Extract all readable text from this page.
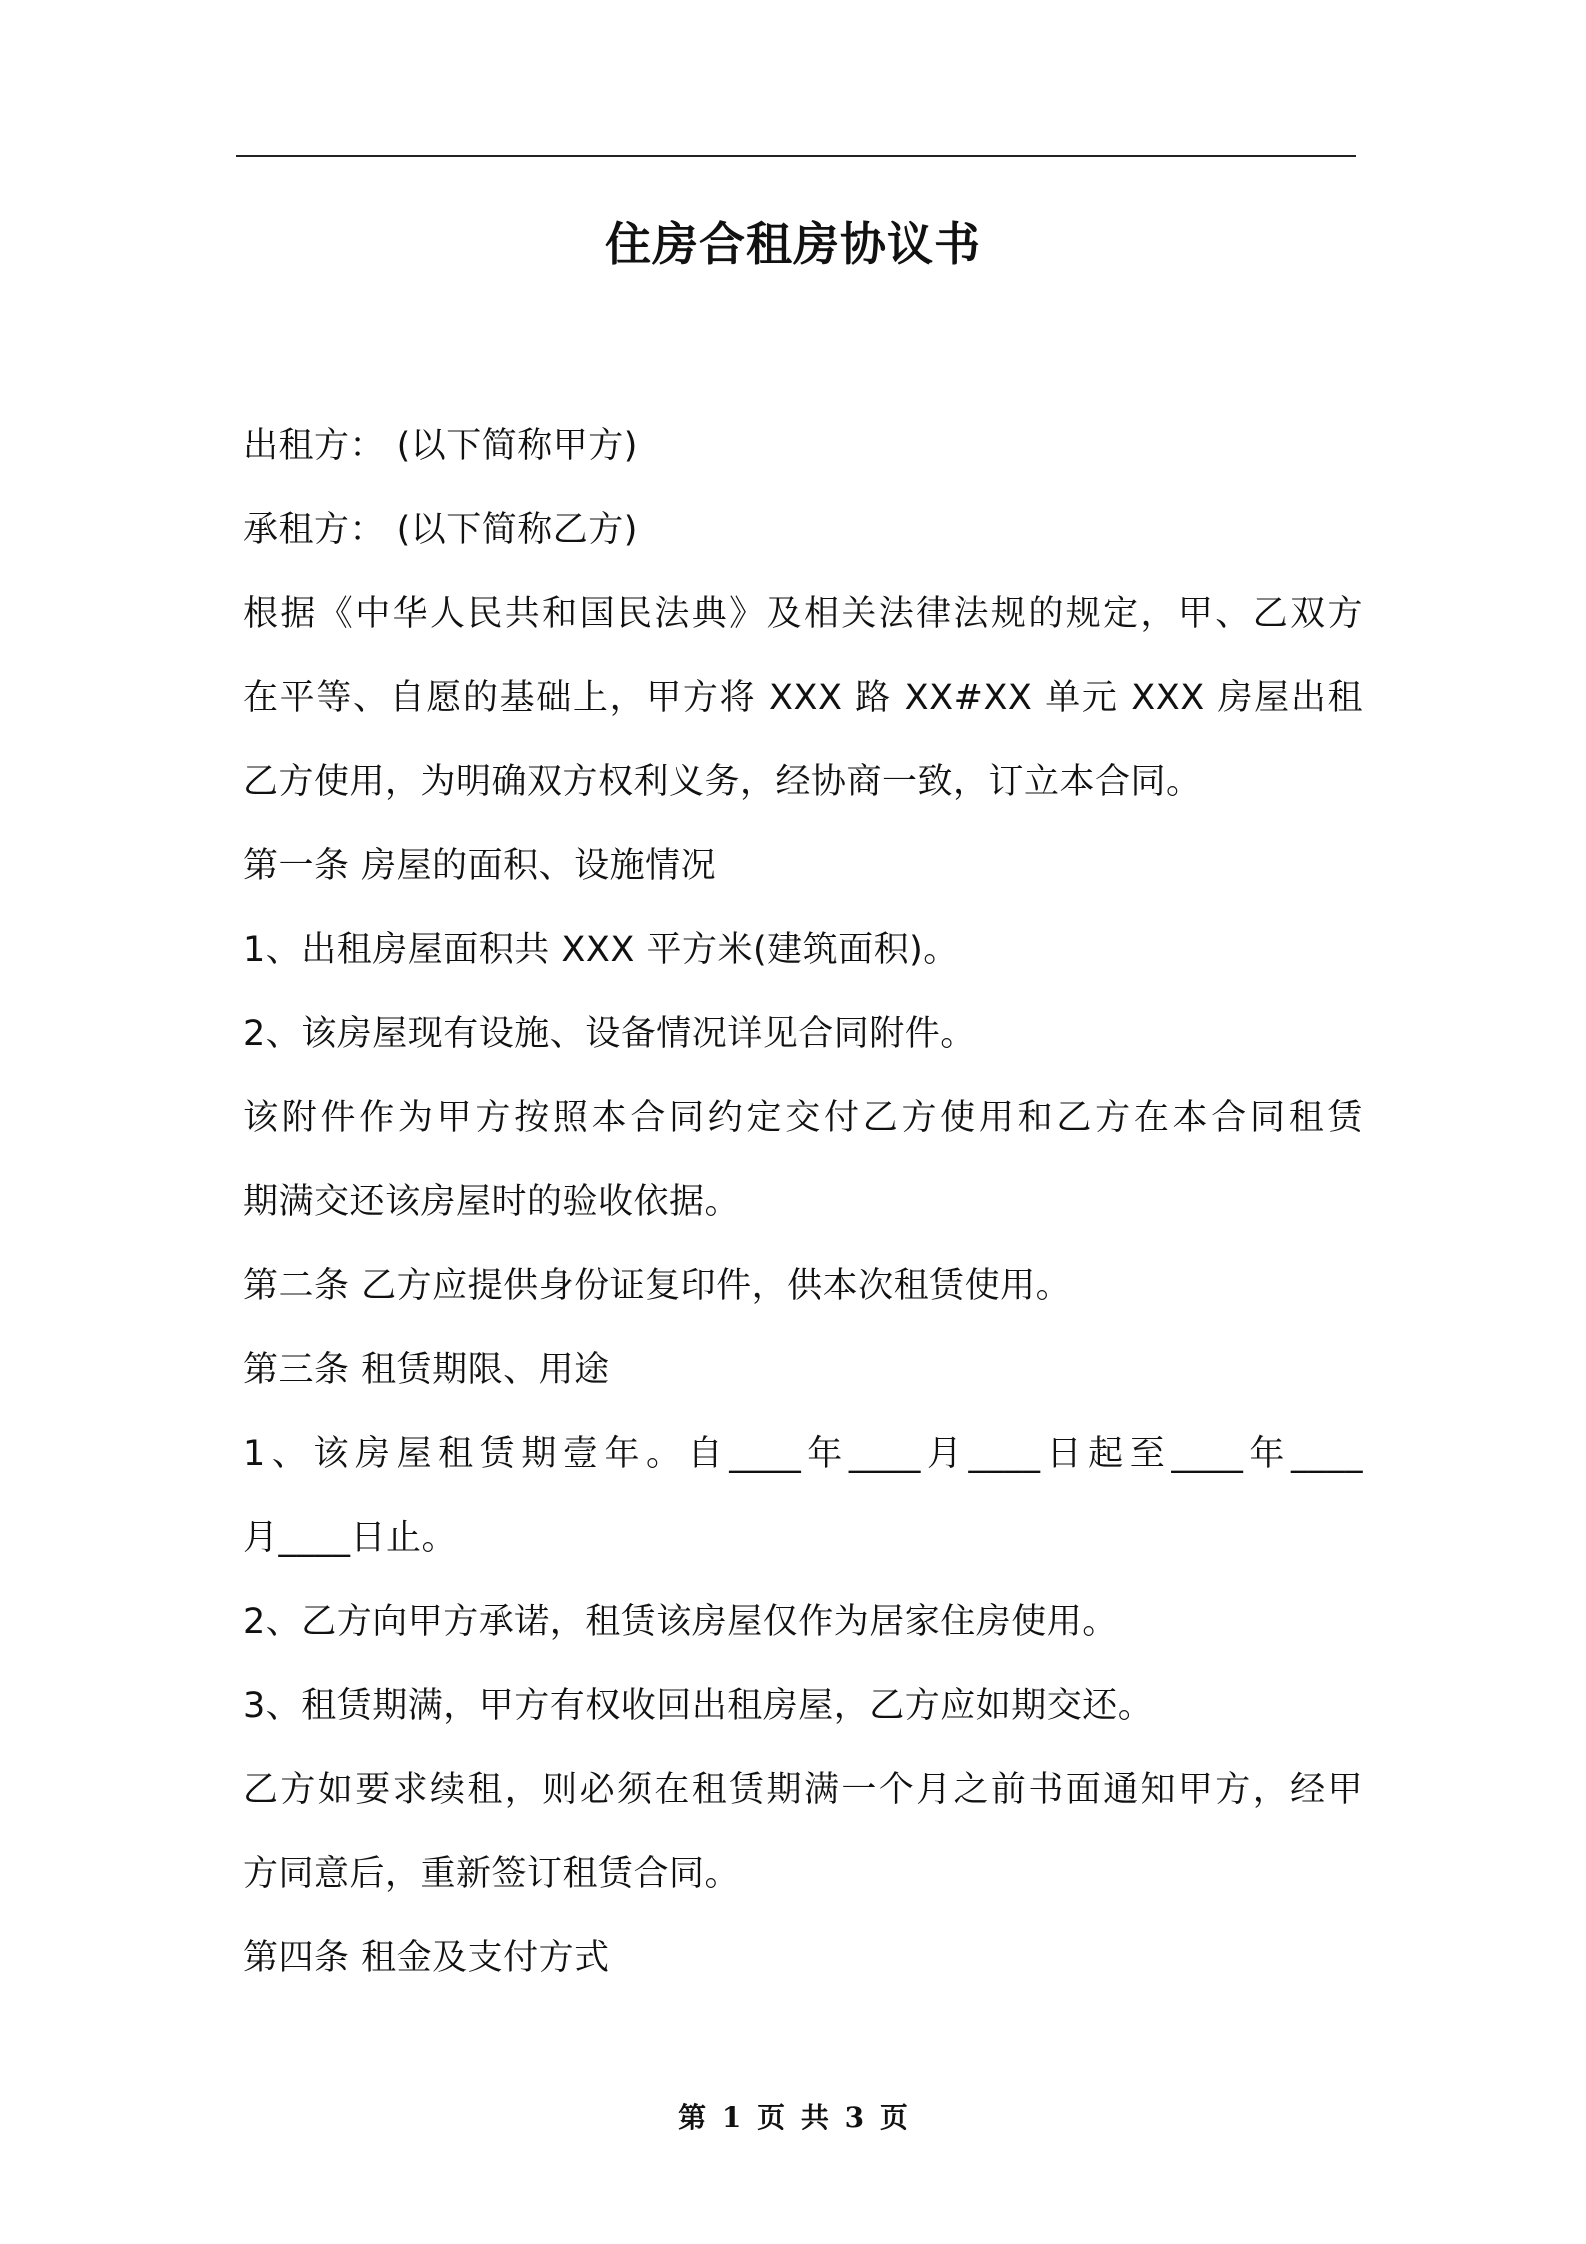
住房合租房协议书
出租方： (以下简称甲方)
承租方： (以下简称乙方)
根据《中华人民共和国民法典》及相关法律法规的规定，甲、乙双方
在平等、自愿的基础上，甲方将 XXX 路 XX#XX 单元 XXX 房屋出租
乙方使用，为明确双方权利义务，经协商一致，订立本合同。
第一条 房屋的面积、设施情况
1、出租房屋面积共 XXX 平方米(建筑面积)。
2、该房屋现有设施、设备情况详见合同附件。
该附件作为甲方按照本合同约定交付乙方使用和乙方在本合同租赁
期满交还该房屋时的验收依据。
第二条 乙方应提供身份证复印件，供本次租赁使用。
第三条 租赁期限、用途
1、该房屋租赁期壹年。自____年____月____日起至____年____
月____日止。
2、乙方向甲方承诺，租赁该房屋仅作为居家住房使用。
3、租赁期满，甲方有权收回出租房屋，乙方应如期交还。
乙方如要求续租，则必须在租赁期满一个月之前书面通知甲方，经甲
方同意后，重新签订租赁合同。
第四条 租金及支付方式
第 1 页 共 3 页
